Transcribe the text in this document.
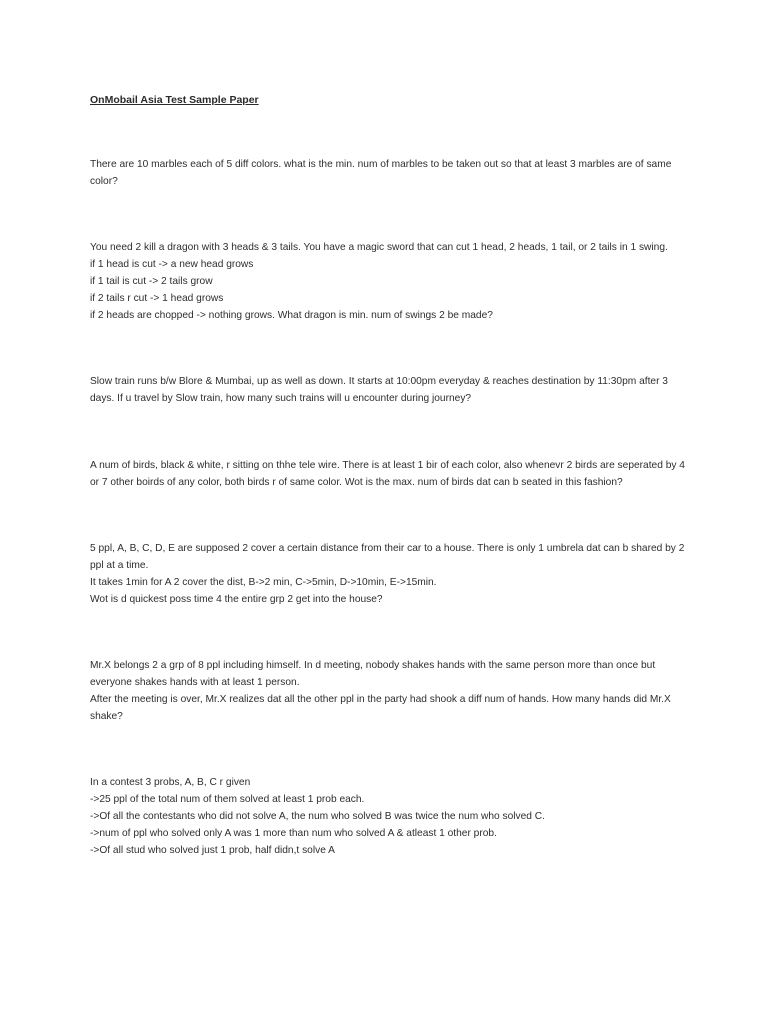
OnMobail Asia Test Sample Paper
There are 10 marbles each of 5 diff colors. what is the min. num of marbles to be taken out so that at least 3 marbles are of same
color?
You need 2 kill a dragon with 3 heads & 3 tails. You have a magic sword that can cut 1 head, 2 heads, 1 tail, or 2 tails in 1 swing.
if 1 head is cut -> a new head grows
if 1 tail is cut -> 2 tails grow
if 2 tails r cut -> 1 head grows
if 2 heads are chopped -> nothing grows. What dragon is min. num of swings 2 be made?
Slow train runs b/w Blore & Mumbai, up as well as down. It starts at 10:00pm everyday & reaches destination by 11:30pm after 3
days. If u travel by Slow train, how many such trains will u encounter during journey?
A num of birds, black & white, r sitting on thhe tele wire. There is at least 1 bir of each color, also whenevr 2 birds are seperated by 4
or 7 other boirds of any color, both birds r of same color. Wot is the max. num of birds dat can b seated in this fashion?
5 ppl, A, B, C, D, E are supposed 2 cover a certain distance from their car to a house. There is only 1 umbrela dat can b shared by 2
ppl at a time.
It takes 1min for A 2 cover the dist, B->2 min, C->5min, D->10min, E->15min.
Wot is d quickest poss time 4 the entire grp 2 get into the house?
Mr.X belongs 2 a grp of 8 ppl including himself. In d meeting, nobody shakes hands with the same person more than once but
everyone shakes hands with at least 1 person.
After the meeting is over, Mr.X realizes dat all the other ppl in the party had shook a diff num of hands. How many hands did Mr.X
shake?
In a contest 3 probs, A, B, C r given
->25 ppl of the total num of them solved at least 1 prob each.
->Of all the contestants who did not solve A, the num who solved B was twice the num who solved C.
->num of ppl who solved only A was 1 more than num who solved A & atleast 1 other prob.
->Of all stud who solved just 1 prob, half didn,t solve A
